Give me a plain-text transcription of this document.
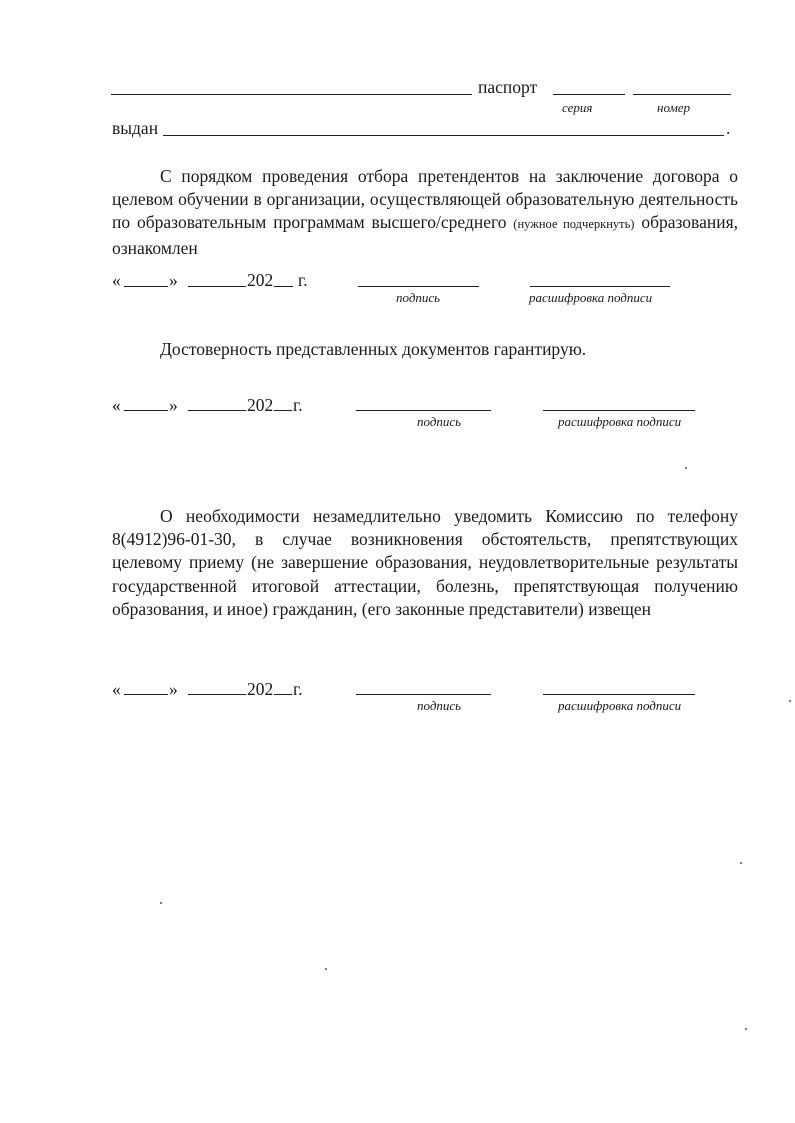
паспорт
серия	номер
выдан	.
С порядком проведения отбора претендентов на заключение договора о целевом обучении в организации, осуществляющей образовательную деятельность по образовательным программам высшего/среднего (нужное подчеркнуть) образования, ознакомлен
«	»	202 г.
подпись	расшифровка подписи
Достоверность представленных документов гарантирую.
«	»	202 г.
подпись	расшифровка подписи
О необходимости незамедлительно уведомить Комиссию по телефону 8(4912)96-01-30, в случае возникновения обстоятельств, препятствующих целевому приему (не завершение образования, неудовлетворительные результаты государственной итоговой аттестации, болезнь, препятствующая получению образования, и иное) гражданин, (его законные представители) извещен
«	»	202 г.
подпись	расшифровка подписи
